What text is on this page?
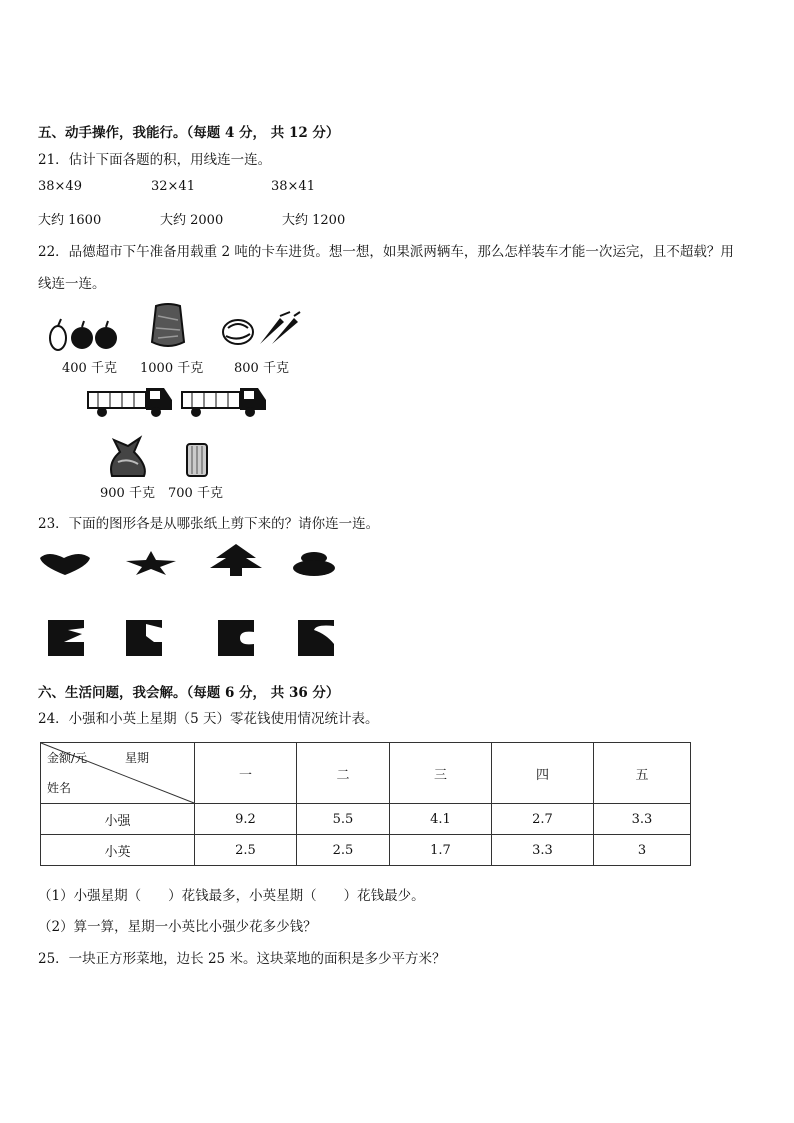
五、动手操作，我能行。（每题 4 分， 共 12 分）
21．估计下面各题的积，用线连一连。
38×49	32×41	38×41
大约 1600	大约 2000	大约 1200
22．品德超市下午准备用载重 2 吨的卡车进货。想一想，如果派两辆车，那么怎样装车才能一次运完，且不超载？用
线连一连。
400 千克 1000 千克 800 千克
900 千克 700 千克
23．下面的图形各是从哪张纸上剪下来的？请你连一连。
六、生活问题，我会解。（每题 6 分， 共 36 分）
24．小强和小英上星期（5 天）零花钱使用情况统计表。
金额/元 星期
姓名	一	二	三	四	五
小强	9.2	5.5	4.1	2.7	3.3
小英	2.5	2.5	1.7	3.3	3
（1）小强星期（　　）花钱最多，小英星期（　　）花钱最少。
（2）算一算，星期一小英比小强少花多少钱？
25．一块正方形菜地，边长 25 米。这块菜地的面积是多少平方米？
